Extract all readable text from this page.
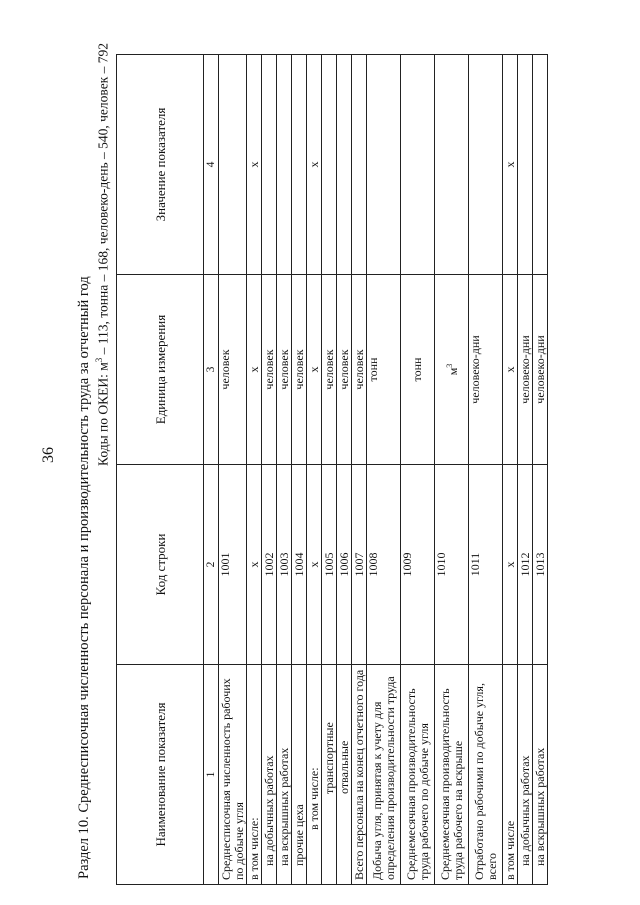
36 Раздел 10. Среднесписочная численность персонала и производительность труда за отчетный год Коды по ОКЕИ: $м^3 - 113$, тонна – 168, человеко-день – 540, человек – 792
Наименование показателя	Код строки	Единица измерения	Значение показателя
1	2	3	4
Среднесписочная численность рабочих по добыче угля	1001	человек	
в том числе:	х	х	х
на добычных работах	1002	человек	
на вскрышных работах	1003	человек	
прочие цеха	1004	человек	
в том числе:	х	х	х
транспортные	1005	человек	
отвальные	1006	человек	
Всего персонала на конец отчетного года	1007	человек	
Добыча угля, принятая к учету для определения производительности труда	1008	тонн	
Среднемесячная производительность труда рабочего по добыче угля	1009	тонн	
Среднемесячная производительность труда рабочего на вскрыше	1010	$м^3$	
Отработано рабочими по добыче угля, всего	1011	человеко-дни	
в том числе	х	х	х
на добычных работах	1012	человеко-дни	
на вскрышных работах	1013	человеко-дни	
